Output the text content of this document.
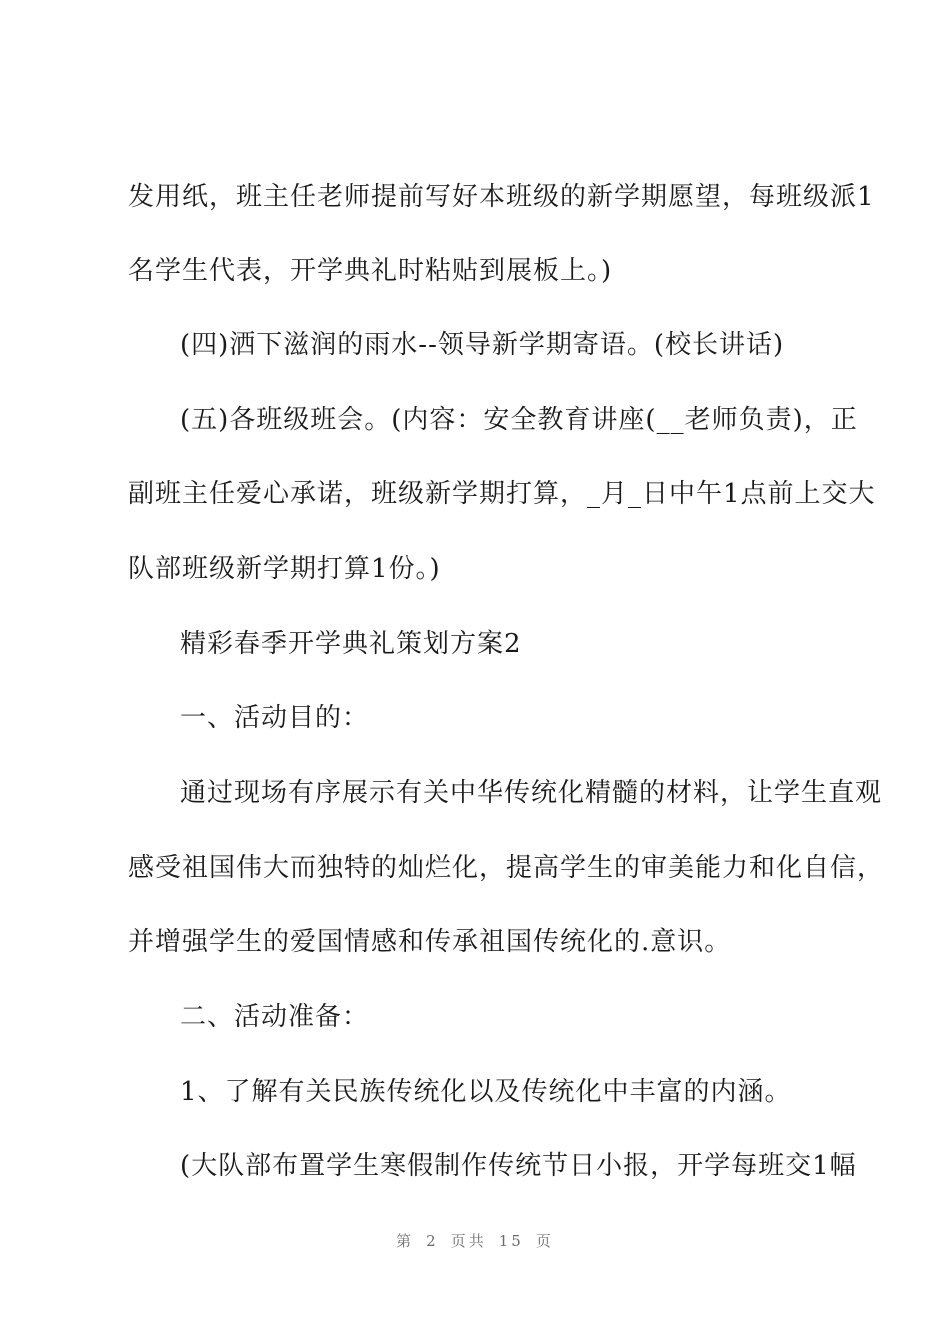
发用纸，班主任老师提前写好本班级的新学期愿望，每班级派1
名学生代表，开学典礼时粘贴到展板上。)
(四)洒下滋润的雨水--领导新学期寄语。(校长讲话)
(五)各班级班会。(内容：安全教育讲座(__老师负责)，正
副班主任爱心承诺，班级新学期打算，_月_日中午1点前上交大
队部班级新学期打算1份。)
精彩春季开学典礼策划方案2
一、活动目的：
通过现场有序展示有关中华传统化精髓的材料，让学生直观
感受祖国伟大而独特的灿烂化，提高学生的审美能力和化自信，
并增强学生的爱国情感和传承祖国传统化的.意识。
二、活动准备：
1、了解有关民族传统化以及传统化中丰富的内涵。
(大队部布置学生寒假制作传统节日小报，开学每班交1幅
第 2 页共 15 页
